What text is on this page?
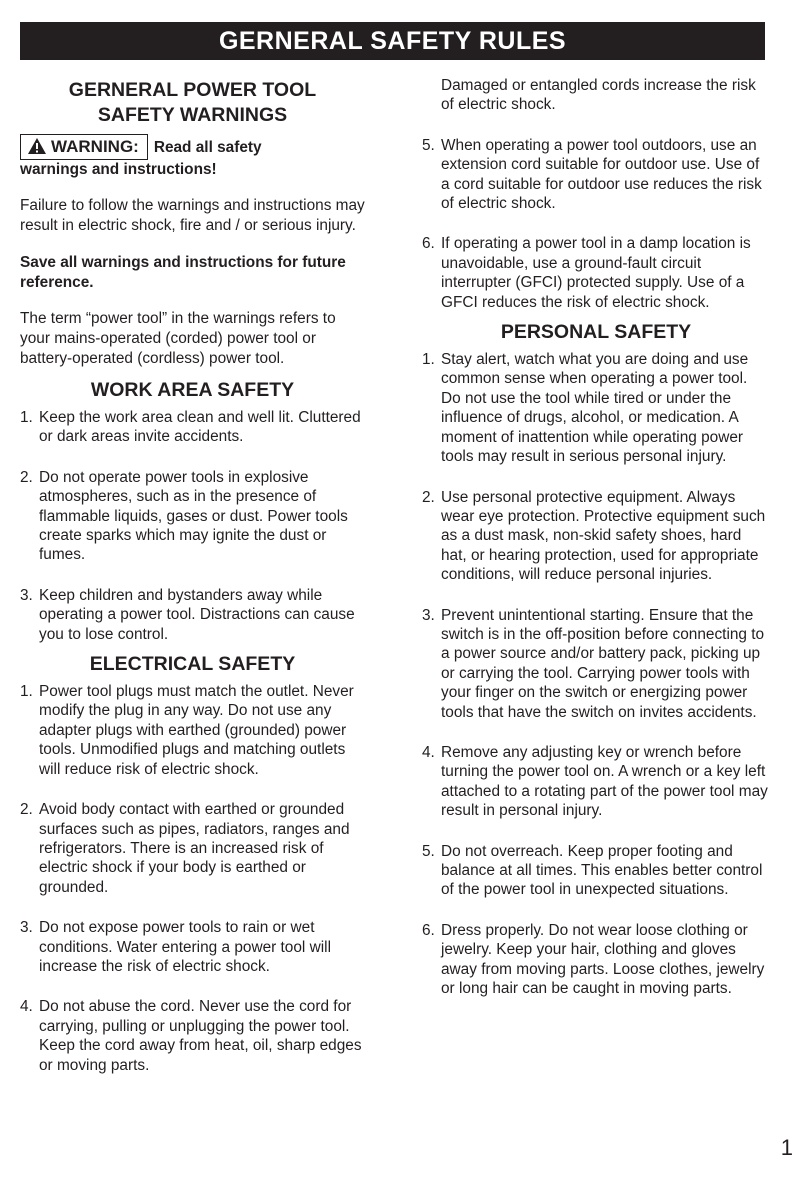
GERNERAL SAFETY RULES
GERNERAL POWER TOOL
SAFETY WARNINGS
WARNING: Read all safety
warnings and instructions!

Failure to follow the warnings and instructions may result in electric shock, fire and / or serious injury.

Save all warnings and instructions for future reference.

The term “power tool” in the warnings refers to your mains-operated (corded) power tool or battery-operated (cordless) power tool.

WORK AREA SAFETY
1. Keep the work area clean and well lit. Cluttered or dark areas invite accidents.
2. Do not operate power tools in explosive atmospheres, such as in the presence of flammable liquids, gases or dust. Power tools create sparks which may ignite the dust or fumes.
3. Keep children and bystanders away while operating a power tool. Distractions can cause you to lose control.
ELECTRICAL SAFETY
1. Power tool plugs must match the outlet. Never modify the plug in any way. Do not use any adapter plugs with earthed (grounded) power tools. Unmodified plugs and matching outlets will reduce risk of electric shock.
2. Avoid body contact with earthed or grounded surfaces such as pipes, radiators, ranges and refrigerators. There is an increased risk of electric shock if your body is earthed or grounded.
3. Do not expose power tools to rain or wet conditions. Water entering a power tool will increase the risk of electric shock.
4. Do not abuse the cord. Never use the cord for carrying, pulling or unplugging the power tool. Keep the cord away from heat, oil, sharp edges or moving parts.
Damaged or entangled cords increase the risk of electric shock.
5. When operating a power tool outdoors, use an extension cord suitable for outdoor use. Use of a cord suitable for outdoor use reduces the risk of electric shock.
6. If operating a power tool in a damp location is unavoidable, use a ground-fault circuit interrupter (GFCI) protected supply. Use of a GFCI reduces the risk of electric shock.
PERSONAL SAFETY
1. Stay alert, watch what you are doing and use common sense when operating a power tool. Do not use the tool while tired or under the influence of drugs, alcohol, or medication. A moment of inattention while operating power tools may result in serious personal injury.
2. Use personal protective equipment. Always wear eye protection. Protective equipment such as a dust mask, non-skid safety shoes, hard hat, or hearing protection, used for appropriate conditions, will reduce personal injuries.
3. Prevent unintentional starting. Ensure that the switch is in the off-position before connecting to a power source and/or battery pack, picking up or carrying the tool. Carrying power tools with your finger on the switch or energizing power tools that have the switch on invites accidents.
4. Remove any adjusting key or wrench before turning the power tool on. A wrench or a key left attached to a rotating part of the power tool may result in personal injury.
5. Do not overreach. Keep proper footing and balance at all times. This enables better control of the power tool in unexpected situations.
6. Dress properly. Do not wear loose clothing or jewelry. Keep your hair, clothing and gloves away from moving parts. Loose clothes, jewelry or long hair can be caught in moving parts.
1
